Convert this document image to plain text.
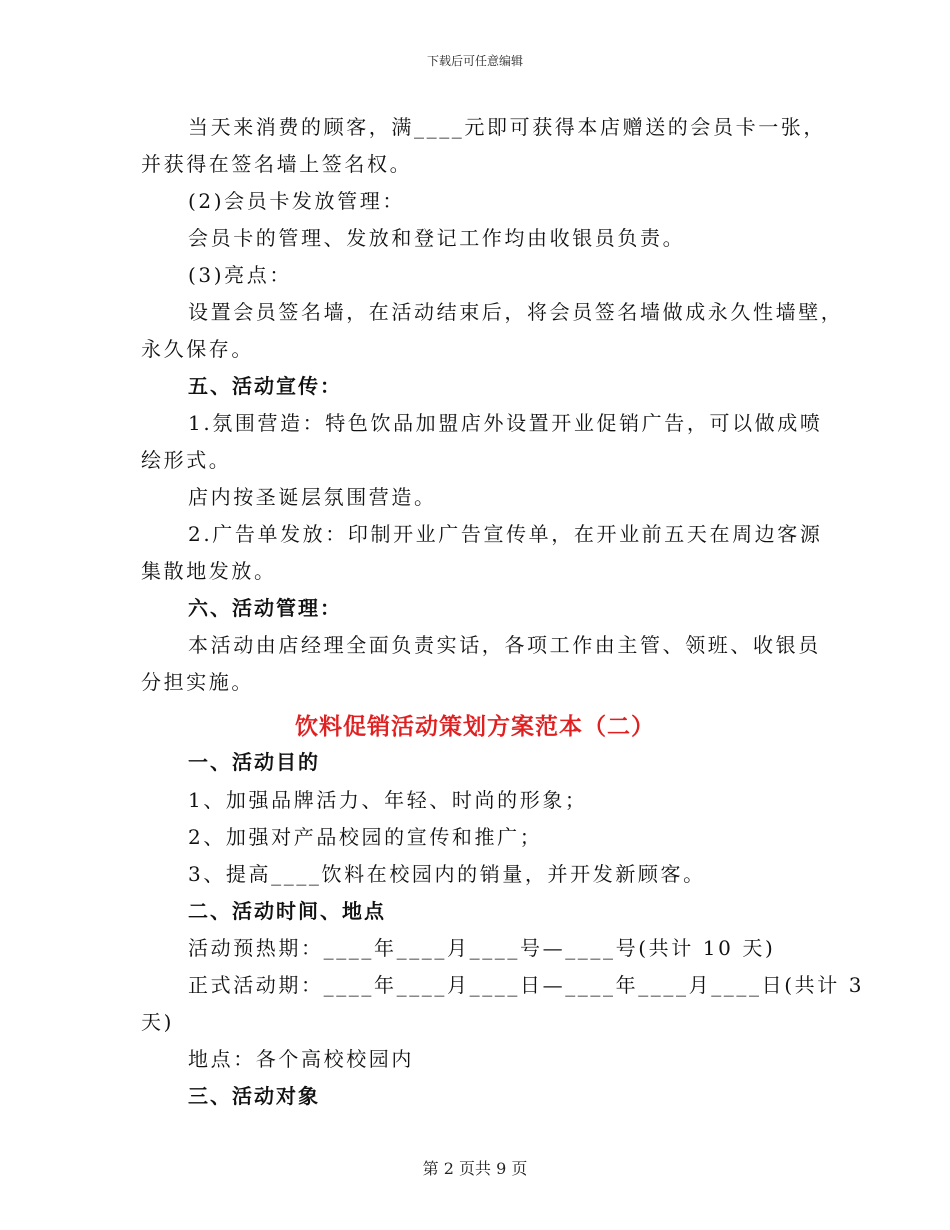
下载后可任意编辑
当天来消费的顾客，满____元即可获得本店赠送的会员卡一张，
并获得在签名墙上签名权。
(2)会员卡发放管理：
会员卡的管理、发放和登记工作均由收银员负责。
(3)亮点：
设置会员签名墙，在活动结束后，将会员签名墙做成永久性墙壁，
永久保存。
五、活动宣传：
1.氛围营造：特色饮品加盟店外设置开业促销广告，可以做成喷
绘形式。
店内按圣诞层氛围营造。
2.广告单发放：印制开业广告宣传单，在开业前五天在周边客源
集散地发放。
六、活动管理：
本活动由店经理全面负责实话，各项工作由主管、领班、收银员
分担实施。
饮料促销活动策划方案范本（二）
一、活动目的
1、加强品牌活力、年轻、时尚的形象；
2、加强对产品校园的宣传和推广；
3、提高____饮料在校园内的销量，并开发新顾客。
二、活动时间、地点
活动预热期：____年____月____号—____号(共计 10 天)
正式活动期：____年____月____日—____年____月____日(共计 3
天)
地点：各个高校校园内
三、活动对象
第 2 页共 9 页
